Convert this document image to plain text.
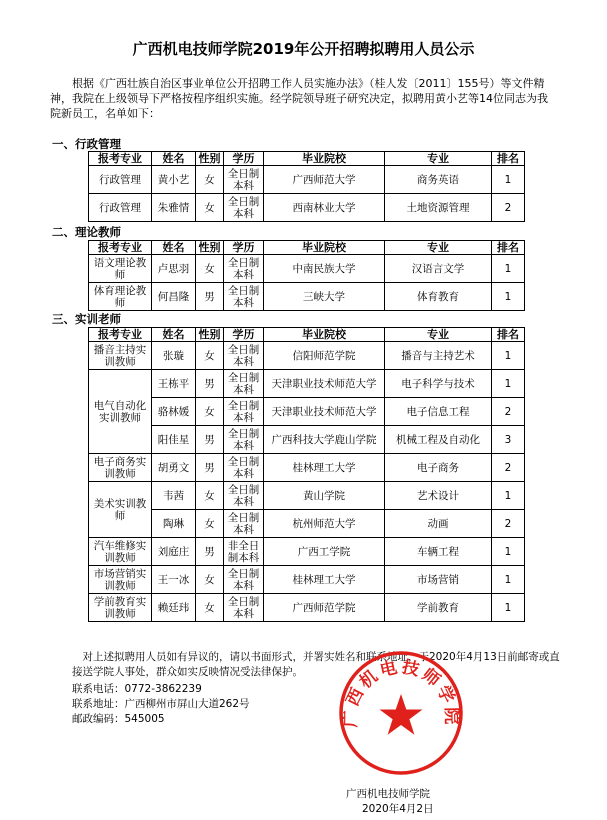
广西机电技师学院2019年公开招聘拟聘用人员公示
根据《广西壮族自治区事业单位公开招聘工作人员实施办法》（桂人发〔2011〕155号）等文件精神，我院在上级领导下严格按程序组织实施。经学院领导班子研究决定，拟聘用黄小艺等14位同志为我院新员工，名单如下：
一、行政管理
报考专业	姓名	性别	学历	毕业院校	专业	排名
行政管理	黄小艺	女	全日制本科	广西师范大学	商务英语	1
行政管理	朱雅情	女	全日制本科	西南林业大学	土地资源管理	2
二、理论教师
报考专业	姓名	性别	学历	毕业院校	专业	排名
语文理论教师	卢思羽	女	全日制本科	中南民族大学	汉语言文学	1
体育理论教师	何昌隆	男	全日制本科	三峡大学	体育教育	1
三、实训老师
报考专业	姓名	性别	学历	毕业院校	专业	排名
播音主持实训教师	张璇	女	全日制本科	信阳师范学院	播音与主持艺术	1
电气自动化实训教师	王栋平	男	全日制本科	天津职业技术师范大学	电子科学与技术	1
	骆林媛	女	全日制本科	天津职业技术师范大学	电子信息工程	2
	阳佳星	男	全日制本科	广西科技大学鹿山学院	机械工程及自动化	3
电子商务实训教师	胡勇文	男	全日制本科	桂林理工大学	电子商务	2
美术实训教师	韦茜	女	全日制本科	黄山学院	艺术设计	1
	陶琳	女	全日制本科	杭州师范大学	动画	2
汽车维修实训教师	刘庭庄	男	非全日制本科	广西工学院	车辆工程	1
市场营销实训教师	王一冰	女	全日制本科	桂林理工大学	市场营销	1
学前教育实训教师	赖廷玮	女	全日制本科	广西师范学院	学前教育	1
对上述拟聘用人员如有异议的，请以书面形式，并署实姓名和联系地址，于2020年4月13日前邮寄或直接送学院人事处，群众如实反映情况受法律保护。
联系电话：0772-3862239
联系地址：广西柳州市屏山大道262号
邮政编码：545005	广西机电技师学院
广西机电技师学院
2020年4月2日
